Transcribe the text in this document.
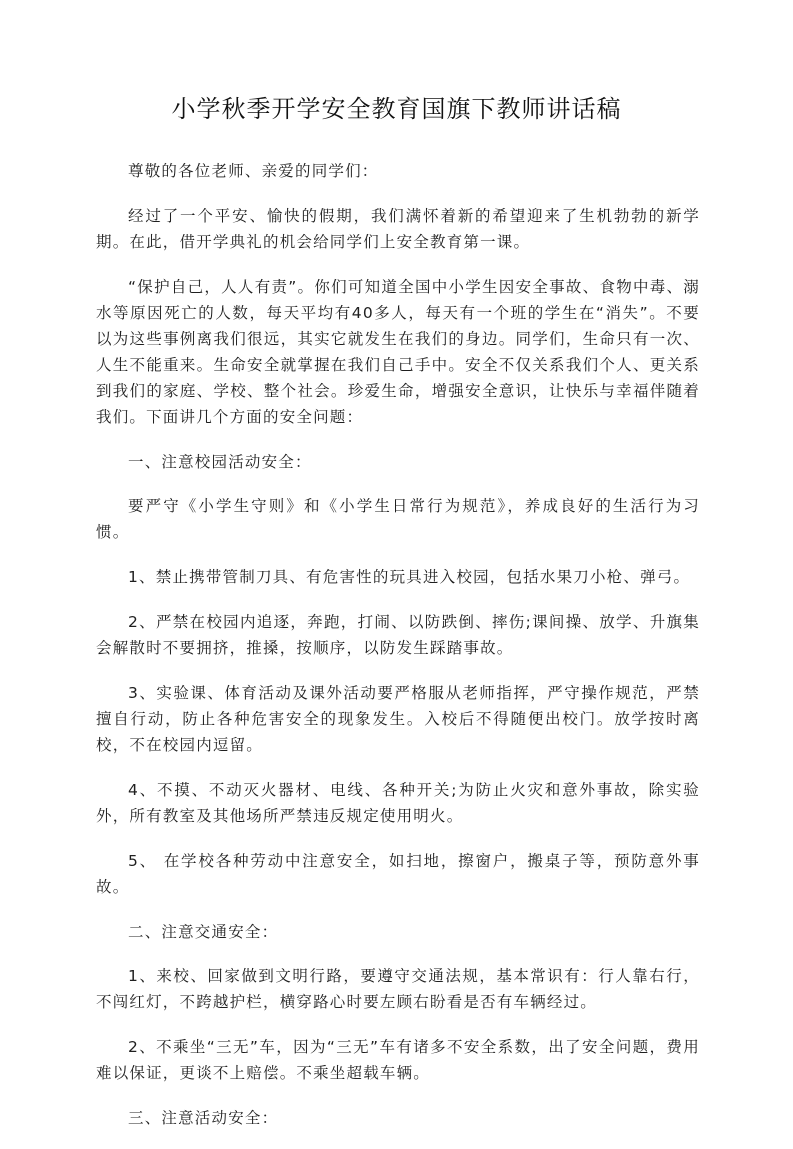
小学秋季开学安全教育国旗下教师讲话稿

尊敬的各位老师、亲爱的同学们：

经过了一个平安、愉快的假期，我们满怀着新的希望迎来了生机勃勃的新学期。在此，借开学典礼的机会给同学们上安全教育第一课。

“保护自己，人人有责”。你们可知道全国中小学生因安全事故、食物中毒、溺水等原因死亡的人数，每天平均有40多人，每天有一个班的学生在“消失”。不要以为这些事例离我们很远，其实它就发生在我们的身边。同学们，生命只有一次、人生不能重来。生命安全就掌握在我们自己手中。安全不仅关系我们个人、更关系到我们的家庭、学校、整个社会。珍爱生命，增强安全意识，让快乐与幸福伴随着我们。下面讲几个方面的安全问题：

一、注意校园活动安全：

要严守《小学生守则》和《小学生日常行为规范》，养成良好的生活行为习惯。

1、禁止携带管制刀具、有危害性的玩具进入校园，包括水果刀小枪、弹弓。

2、严禁在校园内追逐，奔跑，打闹、以防跌倒、摔伤;课间操、放学、升旗集会解散时不要拥挤，推搡，按顺序，以防发生踩踏事故。

3、实验课、体育活动及课外活动要严格服从老师指挥，严守操作规范，严禁擅自行动，防止各种危害安全的现象发生。入校后不得随便出校门。放学按时离校，不在校园内逗留。

4、不摸、不动灭火器材、电线、各种开关;为防止火灾和意外事故，除实验外，所有教室及其他场所严禁违反规定使用明火。

5、 在学校各种劳动中注意安全，如扫地，擦窗户，搬桌子等，预防意外事故。

二、注意交通安全：

1、来校、回家做到文明行路，要遵守交通法规，基本常识有：行人靠右行，不闯红灯，不跨越护栏，横穿路心时要左顾右盼看是否有车辆经过。

2、不乘坐“三无”车，因为“三无”车有诸多不安全系数，出了安全问题，费用难以保证，更谈不上赔偿。不乘坐超载车辆。

三、注意活动安全：
